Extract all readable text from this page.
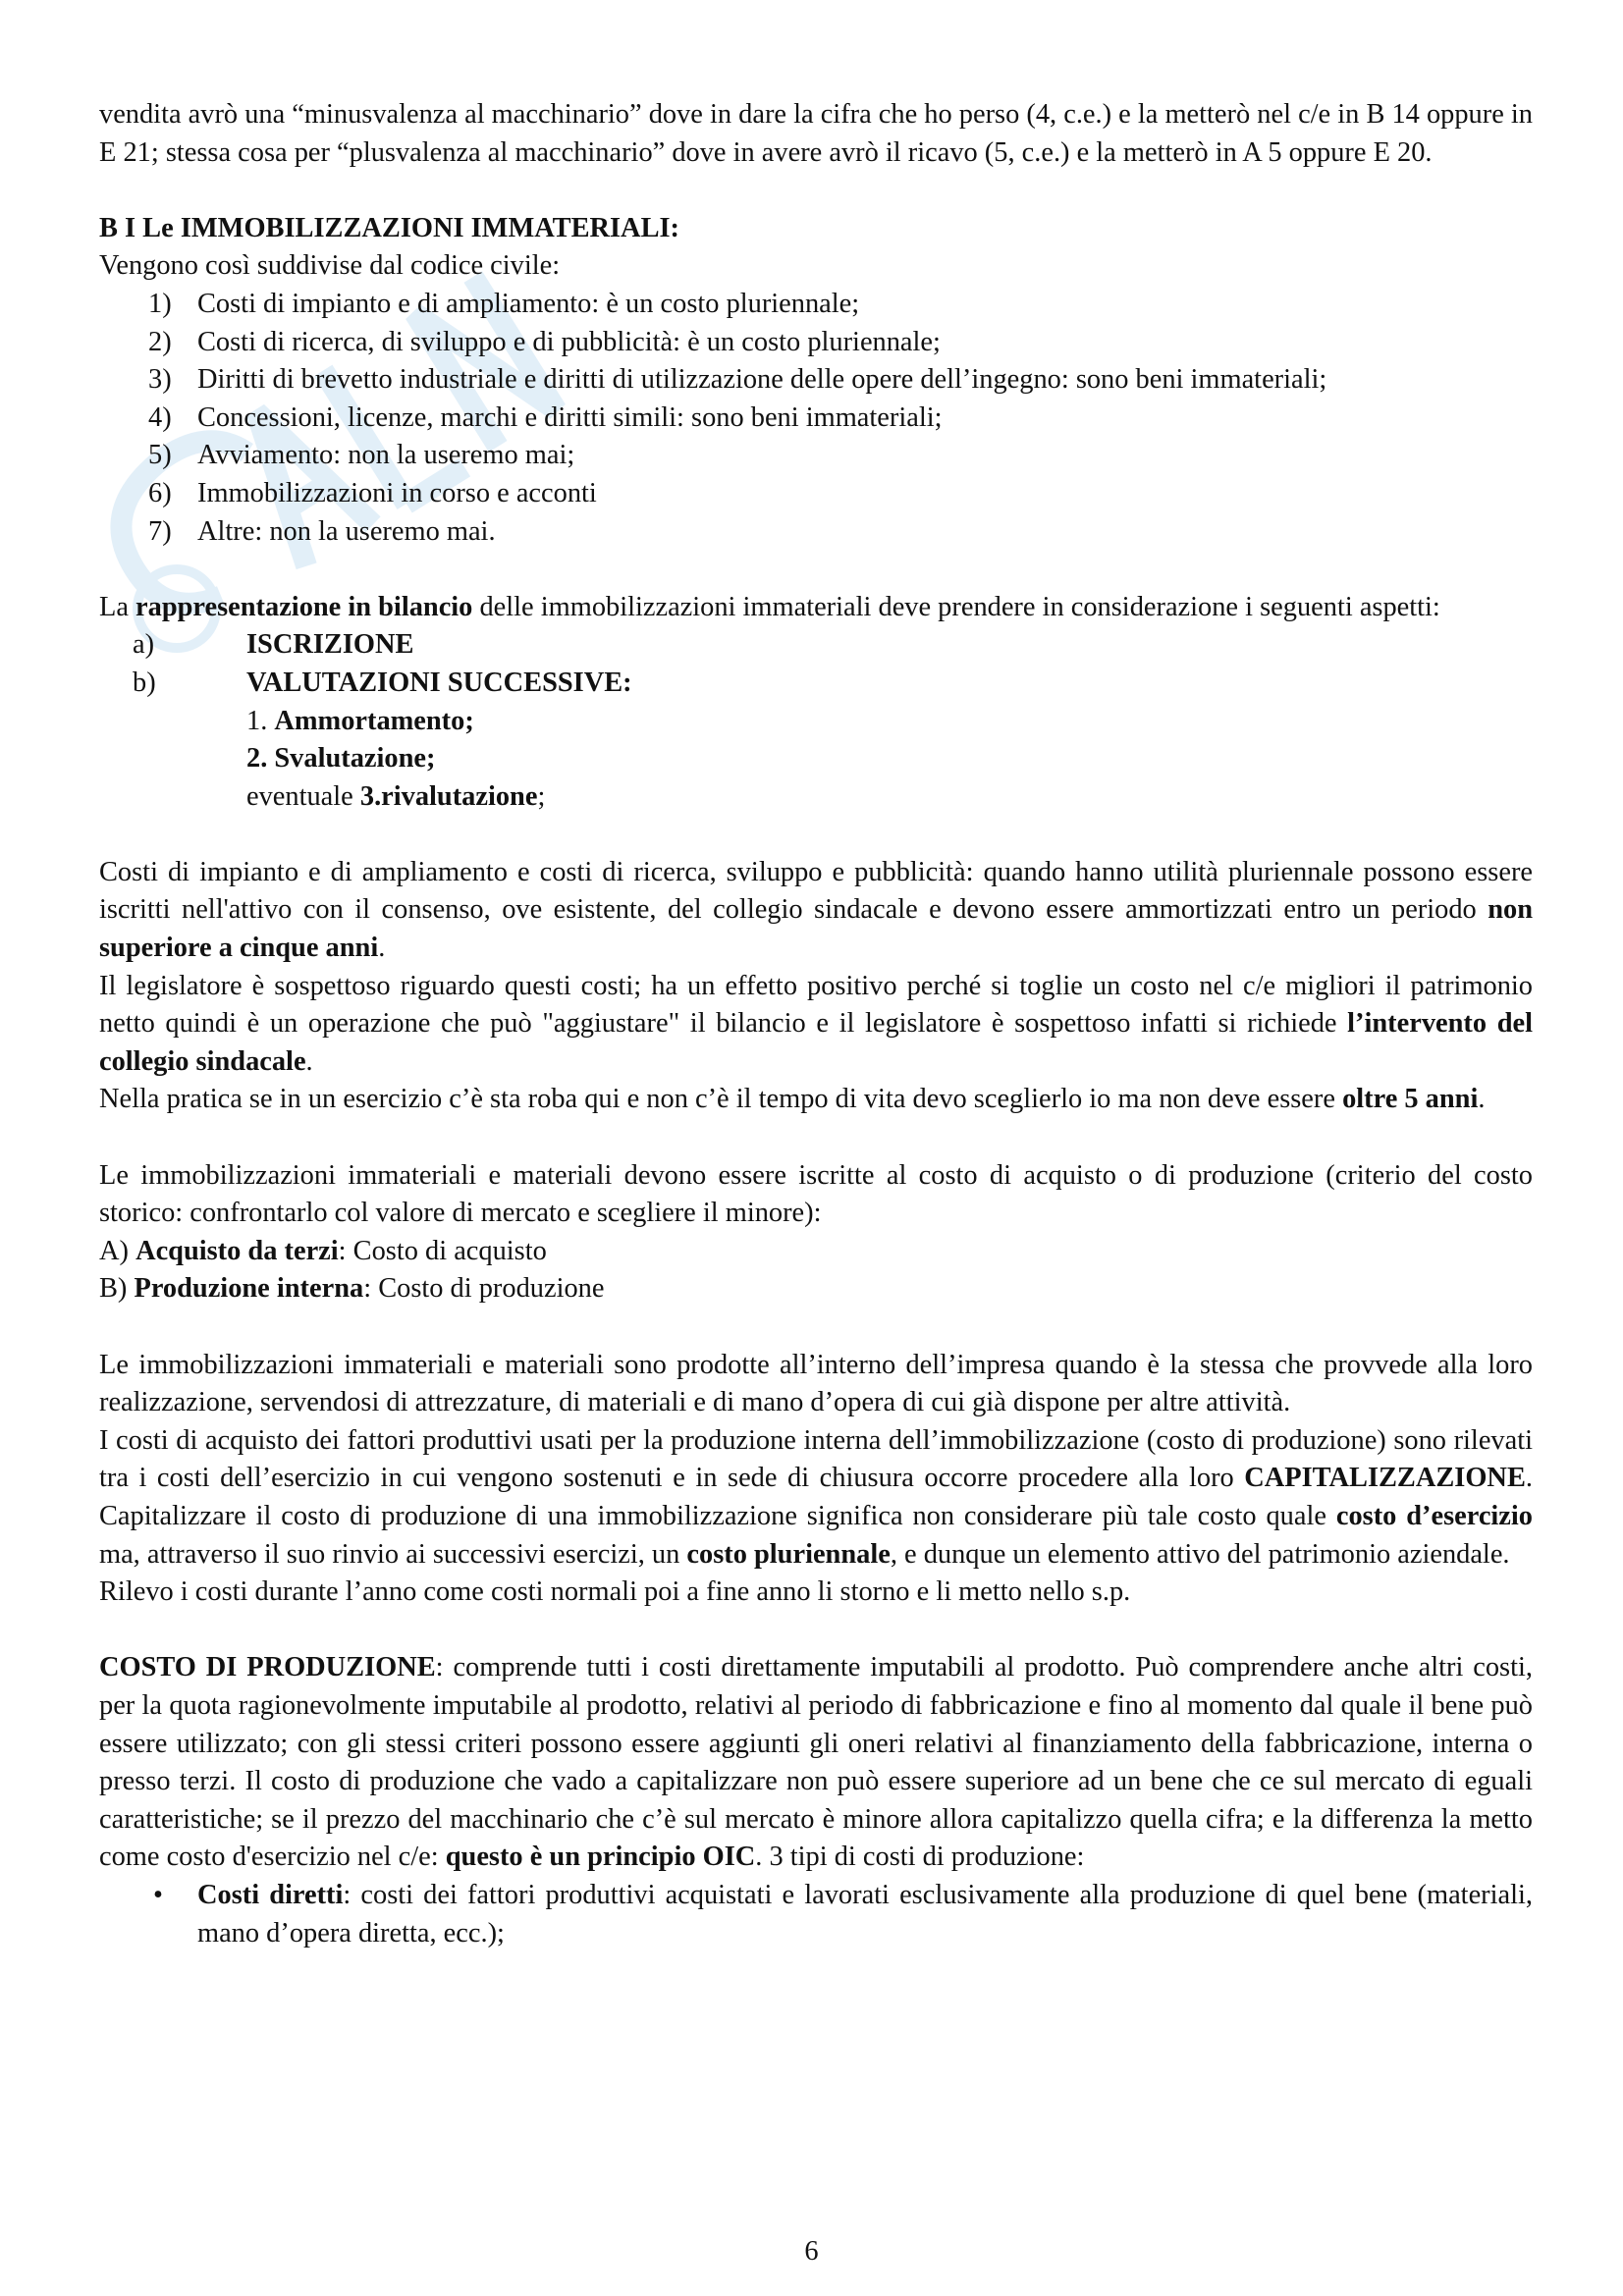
vendita avrò una “minusvalenza al macchinario” dove in dare la cifra che ho perso (4, c.e.) e la metterò nel c/e in B 14 oppure in E 21; stessa cosa per “plusvalenza al macchinario” dove in avere avrò il ricavo (5, c.e.) e la metterò in A 5 oppure E 20.

B I Le IMMOBILIZZAZIONI IMMATERIALI:

Vengono così suddivise dal codice civile:

1) Costi di impianto e di ampliamento: è un costo pluriennale;
2) Costi di ricerca, di sviluppo e di pubblicità: è un costo pluriennale;
3) Diritti di brevetto industriale e diritti di utilizzazione delle opere dell’ingegno: sono beni immateriali;
4) Concessioni, licenze, marchi e diritti simili: sono beni immateriali;
5) Avviamento: non la useremo mai;
6) Immobilizzazioni in corso e acconti
7) Altre: non la useremo mai.

La rappresentazione in bilancio delle immobilizzazioni immateriali deve prendere in considerazione i seguenti aspetti:

a)	ISCRIZIONE
b)	VALUTAZIONI SUCCESSIVE:

1. Ammortamento;

2. Svalutazione;

eventuale 3.rivalutazione;

Costi di impianto e di ampliamento e costi di ricerca, sviluppo e pubblicità: quando hanno utilità pluriennale possono essere iscritti nell'attivo con il consenso, ove esistente, del collegio sindacale e devono essere ammortizzati entro un periodo non superiore a cinque anni.

Il legislatore è sospettoso riguardo questi costi; ha un effetto positivo perché si toglie un costo nel c/e migliori il patrimonio netto quindi è un operazione che può "aggiustare" il bilancio e il legislatore è sospettoso infatti si richiede l’intervento del collegio sindacale.

Nella pratica se in un esercizio c’è sta roba qui e non c’è il tempo di vita devo sceglierlo io ma non deve essere oltre 5 anni.

Le immobilizzazioni immateriali e materiali devono essere iscritte al costo di acquisto o di produzione (criterio del costo storico: confrontarlo col valore di mercato e scegliere il minore):

A) Acquisto da terzi: Costo di acquisto

B) Produzione interna: Costo di produzione

Le immobilizzazioni immateriali e materiali sono prodotte all’interno dell’impresa quando è la stessa che provvede alla loro realizzazione, servendosi di attrezzature, di materiali e di mano d’opera di cui già dispone per altre attività.

I costi di acquisto dei fattori produttivi usati per la produzione interna dell’immobilizzazione (costo di produzione) sono rilevati tra i costi dell’esercizio in cui vengono sostenuti e in sede di chiusura occorre procedere alla loro CAPITALIZZAZIONE. Capitalizzare il costo di produzione di una immobilizzazione significa non considerare più tale costo quale costo d’esercizio ma, attraverso il suo rinvio ai successivi esercizi, un costo pluriennale, e dunque un elemento attivo del patrimonio aziendale.

Rilevo i costi durante l’anno come costi normali poi a fine anno li storno e li metto nello s.p.

COSTO DI PRODUZIONE: comprende tutti i costi direttamente imputabili al prodotto. Può comprendere anche altri costi, per la quota ragionevolmente imputabile al prodotto, relativi al periodo di fabbricazione e fino al momento dal quale il bene può essere utilizzato; con gli stessi criteri possono essere aggiunti gli oneri relativi al finanziamento della fabbricazione, interna o presso terzi. Il costo di produzione che vado a capitalizzare non può essere superiore ad un bene che ce sul mercato di eguali caratteristiche; se il prezzo del macchinario che c’è sul mercato è minore allora capitalizzo quella cifra; e la differenza la metto come costo d'esercizio nel c/e: questo è un principio OIC. 3 tipi di costi di produzione:

•	Costi diretti: costi dei fattori produttivi acquistati e lavorati esclusivamente alla produzione di quel bene (materiali, mano d’opera diretta, ecc.);
6
